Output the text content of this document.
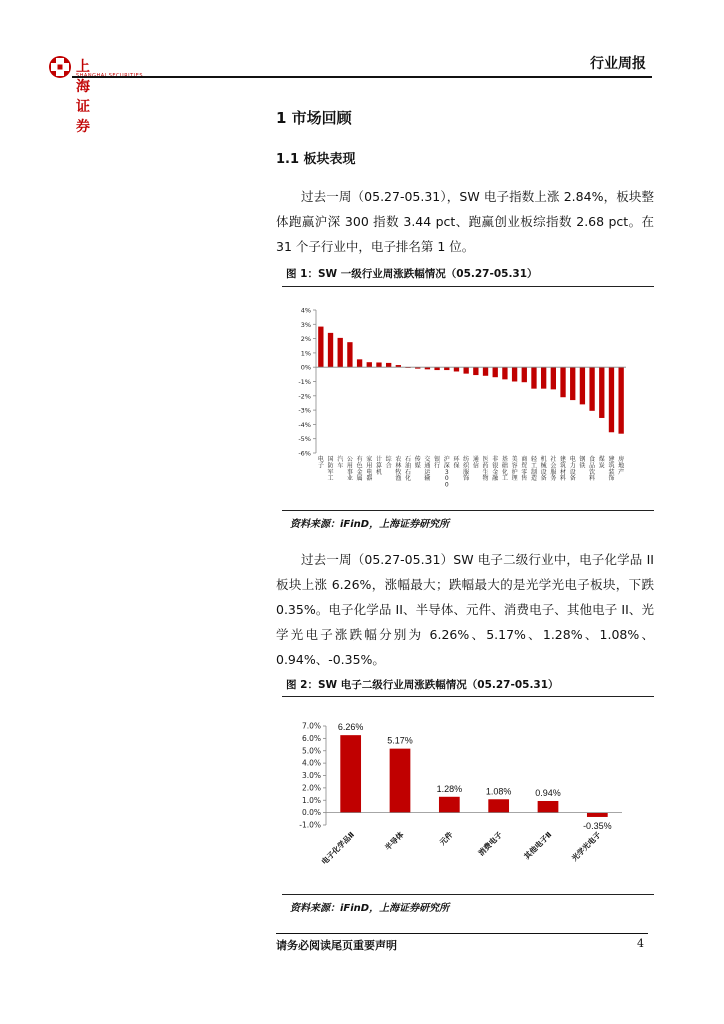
上海证券
行业周报
1 市场回顾
1.1 板块表现

过去一周（05.27-05.31），SW 电子指数上涨 2.84%，板块整体跑赢沪深 300 指数 3.44 pct、跑赢创业板综指数 2.68 pct。在 31 个子行业中，电子排名第 1 位。

图 1：SW 一级行业周涨跌幅情况（05.27-05.31）
4%
3%
2%
1%
0%
-1%
-2%
-3%
-4%
-5%
-6%
电子
国防军工
汽车
公用事业
有色金属
家用电器
计算机
综合
农林牧渔
石油石化
传媒
交通运输
银行
沪深 3 0 0
环保
纺织服饰
通信
医药生物
非银金融
基础化工
美容护理
商贸零售
轻工制造
机械设备
社会服务
建筑材料
电力设备
钢铁
食品饮料
煤炭
建筑装饰
房地产
资料来源：iFinD，上海证券研究所

过去一周（05.27-05.31）SW 电子二级行业中，电子化学品 II 板块上涨 6.26%，涨幅最大；跌幅最大的是光学光电子板块，下跌 0.35%。电子化学品 II、半导体、元件、消费电子、其他电子 II、光学光电子涨跌幅分别为 6.26%、5.17%、1.28%、1.08%、0.94%、-0.35%。

图 2：SW 电子二级行业周涨跌幅情况（05.27-05.31）
7.0%
6.0%
5.0%
4.0%
3.0%
2.0%
1.0%
0.0%
-1.0%
6.26%
电子化学品Ⅱ
5.17%
半导体
1.28%
元件
1.08%
消费电子
0.94%
其他电子Ⅱ
-0.35%
光学光电子
资料来源：iFinD，上海证券研究所
请务必阅读尾页重要声明	4
